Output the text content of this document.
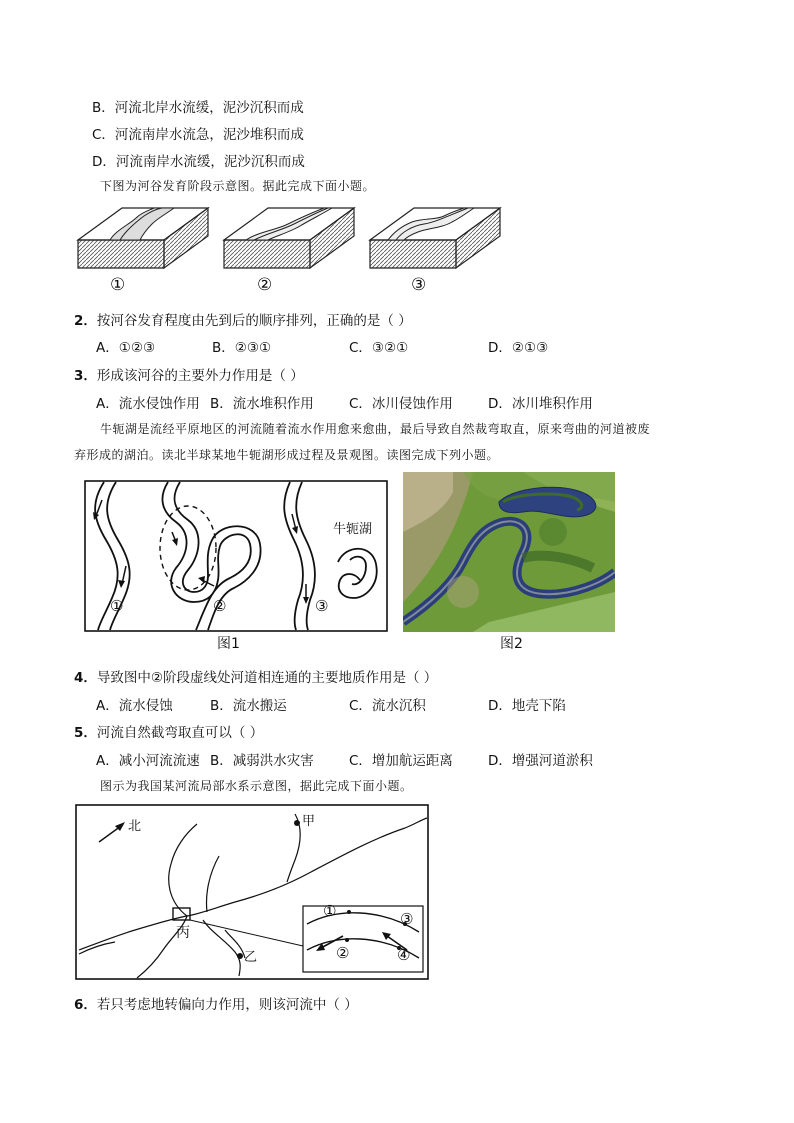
B．河流北岸水流缓，泥沙沉积而成
C．河流南岸水流急，泥沙堆积而成
D．河流南岸水流缓，泥沙沉积而成
下图为河谷发育阶段示意图。据此完成下面小题。
①	②	③
2．按河谷发育程度由先到后的顺序排列，正确的是（ ）
A．①②③	B．②③①	C．③②①	D．②①③
3．形成该河谷的主要外力作用是（ ）
A．流水侵蚀作用 B．流水堆积作用	C．冰川侵蚀作用	D．冰川堆积作用
牛轭湖是流经平原地区的河流随着流水作用愈来愈曲，最后导致自然裁弯取直，原来弯曲的河道被废
弃形成的湖泊。读北半球某地牛轭湖形成过程及景观图。读图完成下列小题。
①	②	③
牛轭湖
图1	图2
4．导致图中②阶段虚线处河道相连通的主要地质作用是（ ）
A．流水侵蚀	B．流水搬运	C．流水沉积	D．地壳下陷
5．河流自然截弯取直可以（ ）
A．减小河流流速 B．减弱洪水灾害	C．增加航运距离	D．增强河道淤积
图示为我国某河流局部水系示意图，据此完成下面小题。
北	甲
乙
丙
①
②
③
④
6．若只考虑地转偏向力作用，则该河流中（ ）
